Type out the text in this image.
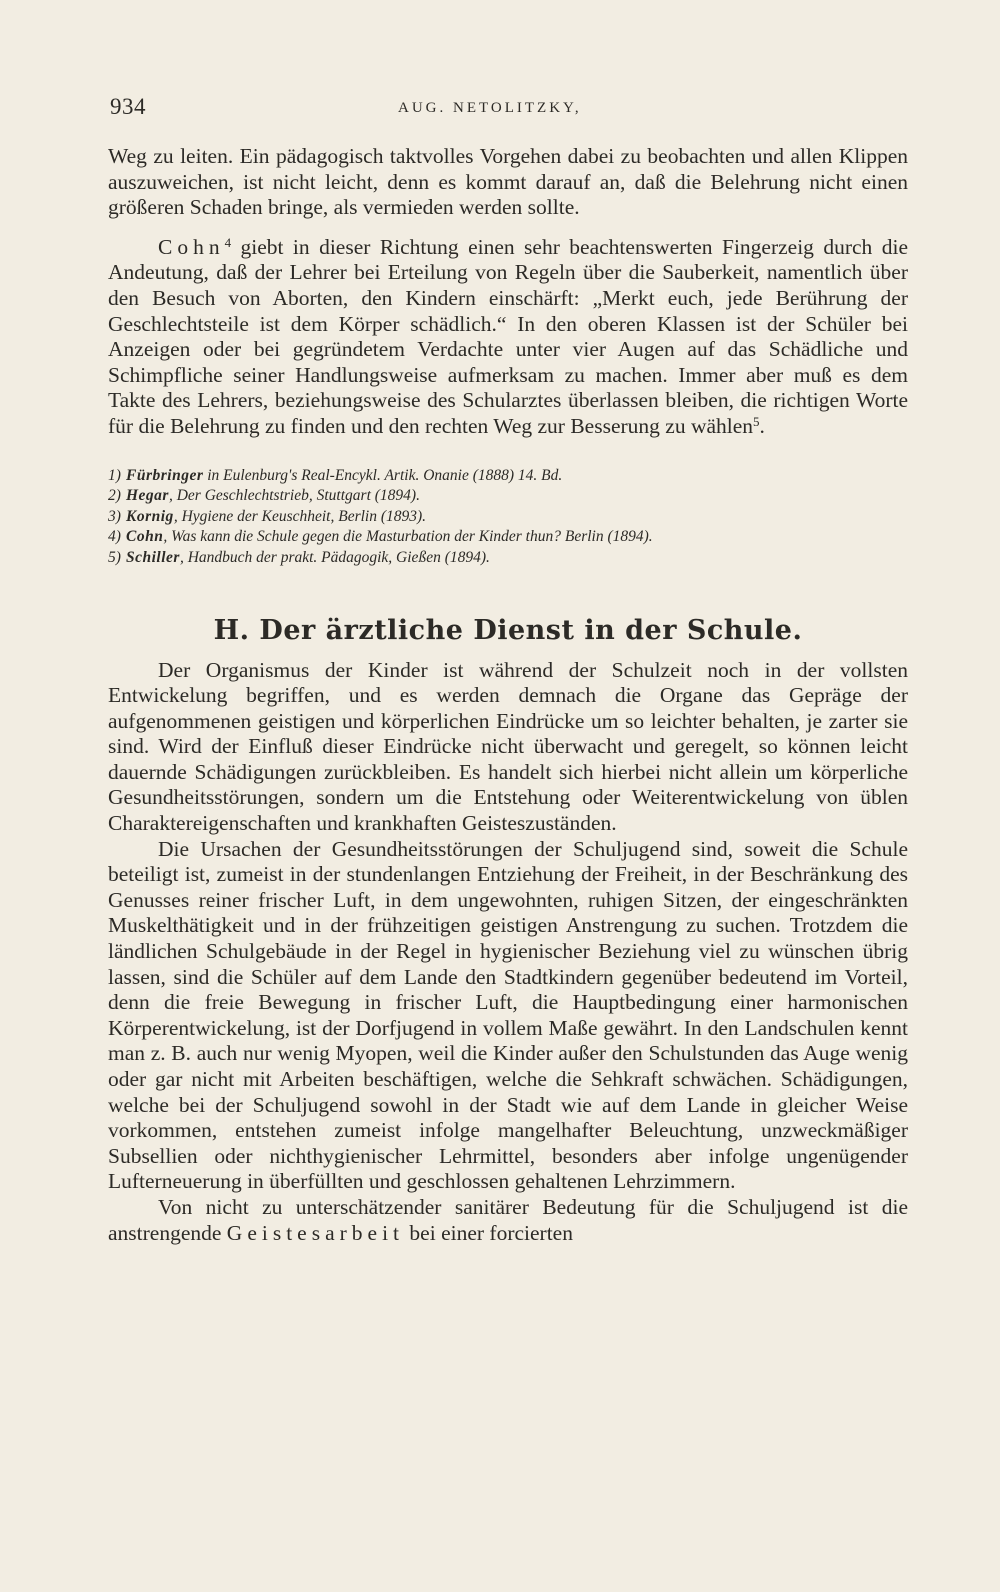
934	AUG. NETOLITZKY,

Weg zu leiten. Ein pädagogisch taktvolles Vorgehen dabei zu beobachten und allen Klippen auszuweichen, ist nicht leicht, denn es kommt darauf an, daß die Belehrung nicht einen größeren Schaden bringe, als vermieden werden sollte.

Cohn$^4$ giebt in dieser Richtung einen sehr beachtenswerten Fingerzeig durch die Andeutung, daß der Lehrer bei Erteilung von Regeln über die Sauberkeit, namentlich über den Besuch von Aborten, den Kindern einschärft: „Merkt euch, jede Berührung der Geschlechtsteile ist dem Körper schädlich.“ In den oberen Klassen ist der Schüler bei Anzeigen oder bei gegründetem Verdachte unter vier Augen auf das Schädliche und Schimpfliche seiner Handlungsweise aufmerksam zu machen. Immer aber muß es dem Takte des Lehrers, beziehungsweise des Schularztes überlassen bleiben, die richtigen Worte für die Belehrung zu finden und den rechten Weg zur Besserung zu wählen$^5$.

1) Fürbringer in Eulenburg's Real-Encykl. Artik. Onanie (1888) 14. Bd.
2) Hegar, Der Geschlechtstrieb, Stuttgart (1894).
3) Kornig, Hygiene der Keuschheit, Berlin (1893).
4) Cohn, Was kann die Schule gegen die Masturbation der Kinder thun? Berlin (1894).
5) Schiller, Handbuch der prakt. Pädagogik, Gießen (1894).
H. Der ärztliche Dienst in der Schule.

Der Organismus der Kinder ist während der Schulzeit noch in der vollsten Entwickelung begriffen, und es werden demnach die Organe das Gepräge der aufgenommenen geistigen und körperlichen Eindrücke um so leichter behalten, je zarter sie sind. Wird der Einfluß dieser Eindrücke nicht überwacht und geregelt, so können leicht dauernde Schädigungen zurückbleiben. Es handelt sich hierbei nicht allein um körperliche Gesundheitsstörungen, sondern um die Entstehung oder Weiterentwickelung von üblen Charaktereigenschaften und krankhaften Geisteszuständen.

Die Ursachen der Gesundheitsstörungen der Schuljugend sind, soweit die Schule beteiligt ist, zumeist in der stundenlangen Entziehung der Freiheit, in der Beschränkung des Genusses reiner frischer Luft, in dem ungewohnten, ruhigen Sitzen, der eingeschränkten Muskelthätigkeit und in der frühzeitigen geistigen Anstrengung zu suchen. Trotzdem die ländlichen Schulgebäude in der Regel in hygienischer Beziehung viel zu wünschen übrig lassen, sind die Schüler auf dem Lande den Stadtkindern gegenüber bedeutend im Vorteil, denn die freie Bewegung in frischer Luft, die Hauptbedingung einer harmonischen Körperentwickelung, ist der Dorfjugend in vollem Maße gewährt. In den Landschulen kennt man z. B. auch nur wenig Myopen, weil die Kinder außer den Schulstunden das Auge wenig oder gar nicht mit Arbeiten beschäftigen, welche die Sehkraft schwächen. Schädigungen, welche bei der Schuljugend sowohl in der Stadt wie auf dem Lande in gleicher Weise vorkommen, entstehen zumeist infolge mangelhafter Beleuchtung, unzweckmäßiger Subsellien oder nichthygienischer Lehrmittel, besonders aber infolge ungenügender Lufterneuerung in überfüllten und geschlossen gehaltenen Lehrzimmern.

Von nicht zu unterschätzender sanitärer Bedeutung für die Schuljugend ist die anstrengende Geistesarbeit bei einer forcierten
